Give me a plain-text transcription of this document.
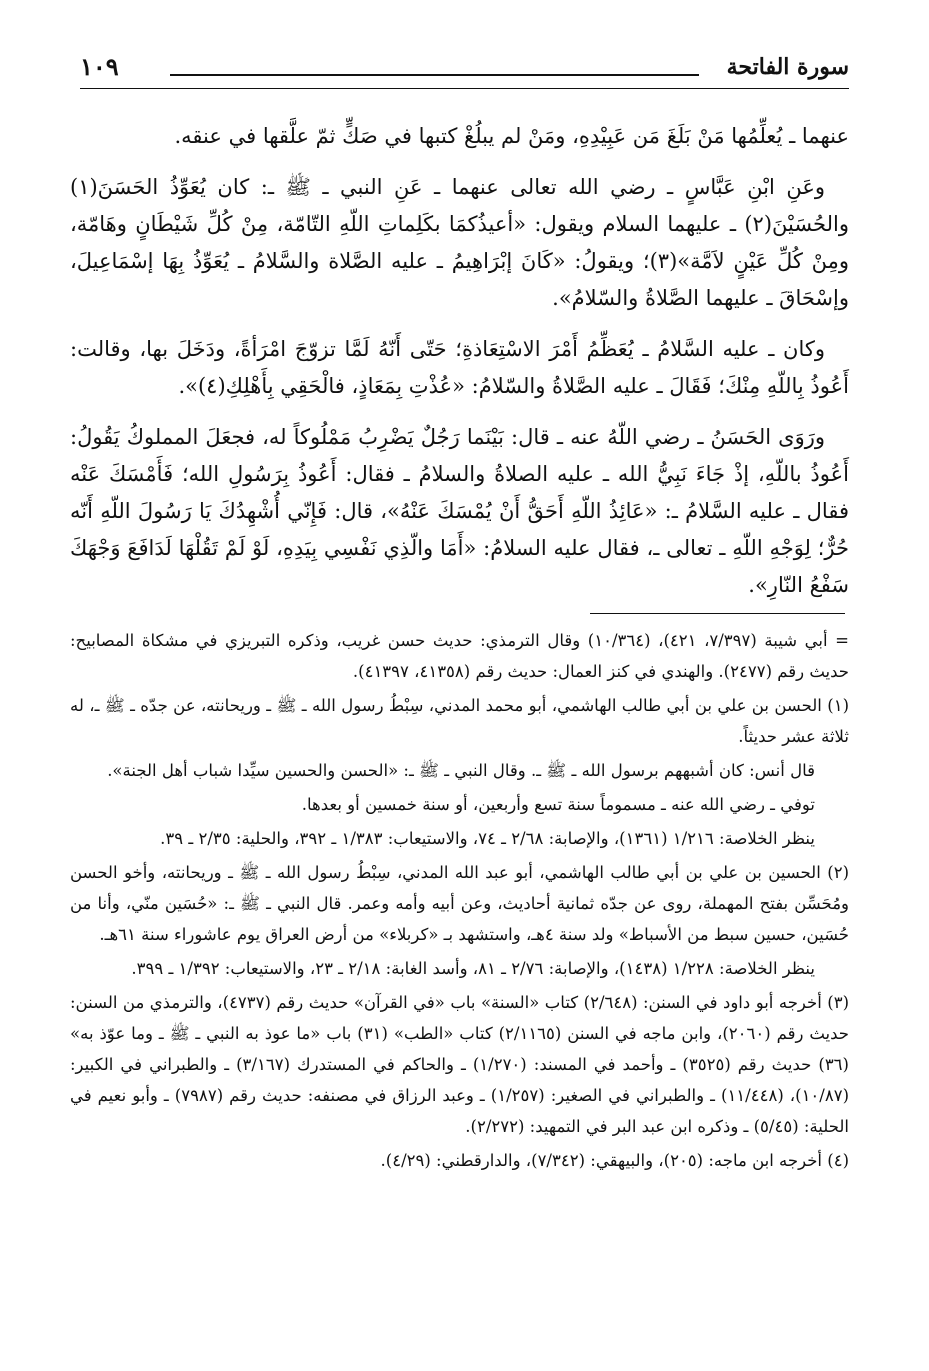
سورة الفاتحة
١٠٩

عنهما ـ يُعلِّمُها مَنْ بَلَغَ مَن عَبِيْدِهِ، ومَنْ لم يبلُغْ كتبها في صَكٍّ ثمّ علَّقها في عنقه.

وعَنِ ابْنِ عَبَّاسٍ ـ رضي الله تعالى عنهما ـ عَنِ النبي ـ ﷺ ـ: كان يُعَوِّذُ الحَسَنَ(١) والحُسَيْنَ(٢) ـ عليهما السلام ويقول: «أعيذُكمَا بكَلِماتِ اللّهِ التّامّة، مِنْ كُلِّ شَيْطَانٍ وهَامّة، ومِنْ كُلِّ عَيْنٍ لاَمَّة»(٣)؛ ويقولُ: «كَانَ إبْرَاهِيمُ ـ عليه الصَّلاة والسَّلامُ ـ يُعَوِّذُ بِهَا إسْمَاعِيلَ، وإسْحَاقَ ـ عليهما الصَّلاةُ والسّلامُ».

وكان ـ عليه السَّلامُ ـ يُعَظِّمُ أَمْرَ الاسْتِعَاذةِ؛ حَتّى أَنّهُ لَمَّا تزوّجَ امْرَأةً، ودَخَلَ بها، وقالت: أَعُوذُ بِاللّهِ مِنْكَ؛ فَقَالَ ـ عليه الصَّلاةُ والسّلامُ: «عُذْتِ بِمَعَاذٍ، فالْحَقِي بِأَهْلِكِ(٤)».

ورَوَى الحَسَنُ ـ رضي اللّهُ عنه ـ قال: بَيْنَما رَجُلٌ يَضْرِبُ مَمْلُوكاً له، فجعَلَ المملوكُ يَقُولُ: أَعُوذُ باللّهِ، إذْ جَاءَ نَبِيُّ الله ـ عليه الصلاةُ والسلامُ ـ فقال: أَعُوذُ بِرَسُولِ الله؛ فَأَمْسَكَ عَنْه فقال ـ عليه السَّلامُ ـ: «عَائِذُ اللّهِ أَحَقُّ أَنْ يُمْسَكَ عَنْهُ»، قال: فَإِنّي أُشْهِدُكَ يَا رَسُولَ اللّهِ أَنّه حُرٌّ؛ لِوَجْهِ اللّهِ ـ تعالى ـ، فقال عليه السلامُ: «أَمَا والّذِي نَفْسِي بِيَدِهِ، لَوْ لَمْ تَقُلْهَا لَدَافَعَ وَجْهَكَ سَفْعُ النّارِ».

= أبي شيبة (٧/٣٩٧، ٤٢١)، (١٠/٣٦٤) وقال الترمذي: حديث حسن غريب، وذكره التبريزي في مشكاة المصابيح: حديث رقم (٢٤٧٧). والهندي في كنز العمال: حديث رقم (٤١٣٥٨، ٤١٣٩٧).
(١) الحسن بن علي بن أبي طالب الهاشمي، أبو محمد المدني، سِبْطُ رسول الله ـ ﷺ ـ وريحانته، عن جدّه ـ ﷺ ـ، له ثلاثة عشر حديثاً.
قال أنس: كان أشبههم برسول الله ـ ﷺ ـ. وقال النبي ـ ﷺ ـ: «الحسن والحسين سيِّدا شباب أهل الجنة».
توفي ـ رضي الله عنه ـ مسموماً سنة تسع وأربعين، أو سنة خمسين أو بعدها.
ينظر الخلاصة: ١/٢١٦ (١٣٦١)، والإصابة: ٢/٦٨ ـ ٧٤، والاستيعاب: ١/٣٨٣ ـ ٣٩٢، والحلية: ٢/٣٥ ـ ٣٩.
(٢) الحسين بن علي بن أبي طالب الهاشمي، أبو عبد الله المدني، سِبْطُ رسول الله ـ ﷺ ـ وريحانته، وأخو الحسن ومُحَسِّن بفتح المهملة، روى عن جدّه ثمانية أحاديث، وعن أبيه وأمه وعمر. قال النبي ـ ﷺ ـ: «حُسَين منّي، وأنا من حُسَين، حسين سبط من الأسباط» ولد سنة ٤هـ، واستشهد بـ «كربلاء» من أرض العراق يوم عاشوراء سنة ٦١هـ.
ينظر الخلاصة: ١/٢٢٨ (١٤٣٨)، والإصابة: ٢/٧٦ ـ ٨١، وأسد الغابة: ٢/١٨ ـ ٢٣، والاستيعاب: ١/٣٩٢ ـ ٣٩٩.
(٣) أخرجه أبو داود في السنن: (٢/٦٤٨) كتاب «السنة» باب «في القرآن» حديث رقم (٤٧٣٧)، والترمذي من السنن: حديث رقم (٢٠٦٠)، وابن ماجه في السنن (٢/١١٦٥) كتاب «الطب» (٣١) باب «ما عوذ به النبي ـ ﷺ ـ وما عوّذ به» (٣٦) حديث رقم (٣٥٢٥) ـ وأحمد في المسند: (١/٢٧٠) ـ والحاكم في المستدرك (٣/١٦٧) ـ والطبراني في الكبير: (١٠/٨٧)، (١١/٤٤٨) ـ والطبراني في الصغير: (١/٢٥٧) ـ وعبد الرزاق في مصنفه: حديث رقم (٧٩٨٧) ـ وأبو نعيم في الحلية: (٥/٤٥) ـ وذكره ابن عبد البر في التمهيد: (٢/٢٧٢).
(٤) أخرجه ابن ماجه: (٢٠٥)، والبيهقي: (٧/٣٤٢)، والدارقطني: (٤/٢٩).
